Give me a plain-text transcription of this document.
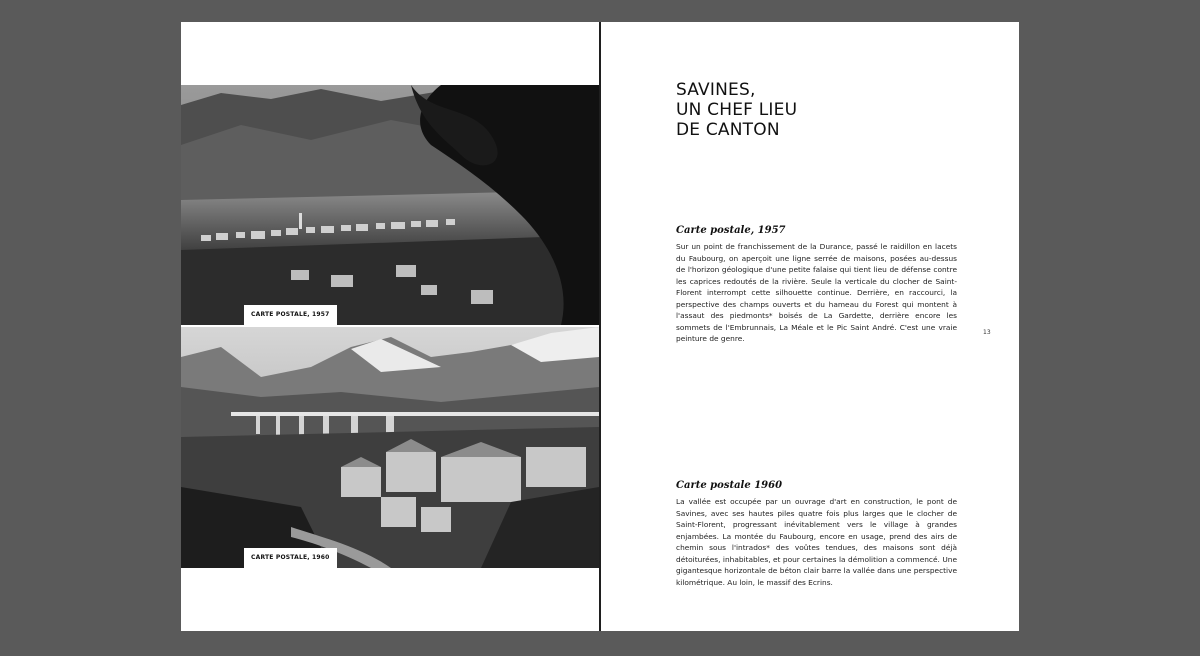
CARTE POSTALE, 1957
CARTE POSTALE, 1960
SAVINES,
UN CHEF LIEU
DE CANTON
Carte postale, 1957

Sur un point de franchissement de la Durance, passé le raidillon en lacets du Faubourg, on aperçoit une ligne serrée de maisons, posées au-dessus de l'horizon géologique d'une petite falaise qui tient lieu de défense contre les caprices redoutés de la rivière. Seule la verticale du clocher de Saint-Florent interrompt cette silhouette continue. Derrière, en raccourci, la perspective des champs ouverts et du hameau du Forest qui montent à l'assaut des piedmonts* boisés de La Gardette, derrière encore les sommets de l'Embrunnais, La Méale et le Pic Saint André. C'est une vraie peinture de genre.

13
Carte postale 1960

La vallée est occupée par un ouvrage d'art en construction, le pont de Savines, avec ses hautes piles quatre fois plus larges que le clocher de Saint-Florent, progressant inévitablement vers le village à grandes enjambées. La montée du Faubourg, encore en usage, prend des airs de chemin sous l'intrados* des voûtes tendues, des maisons sont déjà détoiturées, inhabitables, et pour certaines la démolition a commencé. Une gigantesque horizontale de béton clair barre la vallée dans une perspective kilométrique. Au loin, le massif des Ecrins.
